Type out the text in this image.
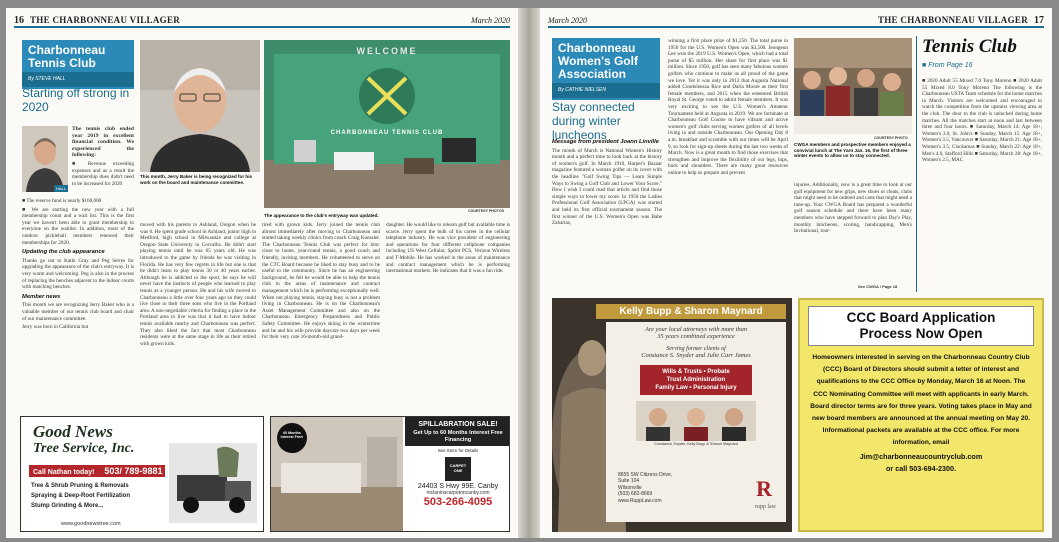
16 THE CHARBONNEAU VILLAGER	March 2020
Charbonneau Tennis Club
By STEVE HALL
Starting off strong in 2020
HALL

The tennis club ended year 2019 in excellent financial condition. We experienced the following:

■ Revenue exceeding expenses and as a result the membership dues didn't need to be increased for 2020

■ The reserve fund is nearly $160,000

■ We are starting the new year with a full membership count and a wait list. This is the first year we haven't been able to grant membership to everyone on the waitlist. In addition, most of the outdoor pickleball members renewed their memberships for 2020.

Updating the club appearance

Thanks go out to Kathi Gray and Peg Serres for upgrading the appearance of the club's entryway. It is very warm and welcoming. Peg is also in the process of replacing the benches adjacent to the indoor courts with matching benches.

Member news

This month we are recognizing Jerry Baker who is a valuable member of our tennis club board and chair of our maintenance committee.

Jerry was born in California but

This month, Jerry Baker is being recognized for his work on the board and maintenance committee.
WELCOME
CHARBONNEAU TENNIS CLUB
The appearance to the club's entryway was updated.
COURTESY PHOTOS
moved with his parents to Ashland, Oregon when he was 6. He spent grade school in Ashland, junior high in Medford, high school in Milwaukie and college at Oregon State University in Corvallis. He didn't start playing tennis until he was 65 years old. He was introduced to the game by friends he was visiting in Florida. He has very few regrets in life but one is that he didn't learn to play tennis 30 or 40 years earlier. Although he is addicted to the sport, he says he will never have the instincts of people who learned to play tennis as a younger person. He and his wife moved to Charbonneau a little over four years ago so they could live close to their three sons who live in the Portland area. A non-negotiable criteria for finding a place in the Portland area to live was that it had to have indoor tennis available nearby and Charbonneau was perfect. They also liked the fact that most Charbonneau residents were at the same stage in life as their retired with grown kids.
tired with grown kids. Jerry joined the tennis club almost immediately after moving to Charbonneau and started taking weekly clinics from coach Craig Koessler. The Charbonneau Tennis Club was perfect for him: close to home, year-round tennis, a good coach and friendly, inviting members. He volunteered to serve on the CTC Board because he liked to stay busy and to be useful to the community. Since he has an engineering background, he felt he would be able to help the tennis club in the areas of maintenance and contract management which he is performing exceptionally well. When not playing tennis, staying busy is not a problem living in Charbonneau. He is on the Charbonneau's Asset Management Committee and also on the Charbonneau Emergency Preparedness and Public Safety Committee. He enjoys skiing in the wintertime and he and his wife provide daycare two days per week for their very cute 16-month-old grand-
daughter. He would like to relearn golf but available time is scarce. Jerry spent the bulk of his career in the cellular telephone industry. He was vice president of engineering and operations for four different cellphone companies including US West Cellular, Sprint PCS, Verizon Wireless and T-Mobile. He has worked in the areas of maintenance and contract management which he is performing international markets. He indicates that it was a fun ride.
Good News
Tree Service, Inc.
Call Nathan today! 503/ 789-9881
Tree & Shrub Pruning & Removals
Spraying & Deep-Root Fertilization
Stump Grinding & More...
www.goodnewstree.com
60 Months Interest Free!
SPILLABRATION SALE!
Get Up to 60 Months Interest Free Financing
See Store for Details
CARPET ONE
24403 S Hwy 99E. Canby
mclaninscarpetoncanby.com
503-266-4095
March 2020	THE CHARBONNEAU VILLAGER 17
Charbonneau Women's Golf Association
By CATHIE NIELSEN
Stay connected during winter luncheons
Message from president Joann Linville

The month of March is National Women's History month and a perfect time to look back at the history of women's golf. In March 1910, Harper's Bazaar magazine featured a woman golfer on its cover with the headline "Golf Swing Tips — Learn Simple Ways to Swing a Golf Club and Lower Your Score." How I wish I could read that article and find those simple ways to lower my score. In 1950 the Ladies Professional Golf Association (LPGA) was started and held its first official tournament season. The first winner of the U.S. Women's Open was Babe Zaharias,

winning a first place prize of $1,250. The total purse in 1950 for the U.S. Women's Open was $3,500. Jeongeun Lee won the 2019 U.S. Women's Open, which had a total purse of $5 million. Her share for first place was $1 million. Since 1950, golf has seen many fabulous women golfers who continue to make us all proud of the game we love. Yet it was only in 2012 that Augusta National added Condoleezza Rice and Darla Moore as their first female members, and 2015 when the esteemed British Royal St. George voted to admit female members. It was very exciting to see the U.S. Women's Amateur Tournament held at Augusta in 2019. We are fortunate at Charbonneau Golf Course to have vibrant and active women's golf clubs serving women golfers of all levels living in and outside Charbonneau. Our Opening Day 8 a.m. breakfast and scramble with our times will be April 9, so look for sign-up sheets during the last two weeks of March. Now is a great month to find those exercises that strengthen and improve the flexibility of our legs, hips, back and shoulders. There are many great resources online to help us prepare and prevent
COURTESY PHOTO
CWGA members and prospective members enjoyed a convivial lunch at The Yarn Jan. 16, the first of three winter events to allow us to stay connected.
injuries. Additionally, now is a great time to look at our golf equipment for new grips, new shoes or cleats, clubs that might need to be ordered and carts that might need a tune-up. Your CWGA Board has prepared a wonderful golf season schedule and there have been many members who have stepped forward to plan Day's Play, monthly luncheons, scoring, handicapping, Men's Invitational, tour-
See CWGA / Page 18
Tennis Club
■ From Page 16
■ 2020 Adult 55 Mixed 7.0 Tony Moreno ■ 2020 Adult 55 Mixed 8.0 Tony Moreno The following is the Charbonneau USTA Team schedule for the home matches in March. Visitors are welcomed and encouraged to watch the competition from the upstairs viewing area at the club. The door to the club is unlocked during home matches. All the matches start at noon and last between three and four hours. ■ Saturday, March 14: Age 18+, Women's 3.0, St. John's ■ Sunday, March 15: Age 18+, Women's 3.5, Vancouver ■ Saturday, March 21: Age 18+, Women's 3.5, Clackamas ■ Sunday, March 22: Age 18+, Men's 4.0, Stafford Hills ■ Saturday, March 28: Age 18+, Women's 2.5, MAC
Kelly Bupp & Sharon Maynard
Are your local attorneys with more than
35 years combined experience
Serving former clients of
Constance S. Snyder and Julie Carr James
Wills & Trusts • Probate
Trust Administration
Family Law • Personal Injury
Constance Snyder, Kelly Bupp & Sharon Maynard
8655 SW Citizens Drive,
Suite 104
Wilsonville
(503) 682-8669
www.RuppLaw.com	R
rupp law
CCC Board Application
Process Now Open
Homeowners interested in serving on the Charbonneau Country Club (CCC) Board of Directors should submit a letter of interest and qualifications to the CCC Office by Monday, March 16 at Noon. The CCC Nominating Committee will meet with applicants in early March. Board director terms are for three years. Voting takes place in May and new board members are announced at the annual meeting on May 20. Informational packets are available at the CCC office. For more information, email
Jim@charbonneaucountryclub.com
or call 503-694-2300.
